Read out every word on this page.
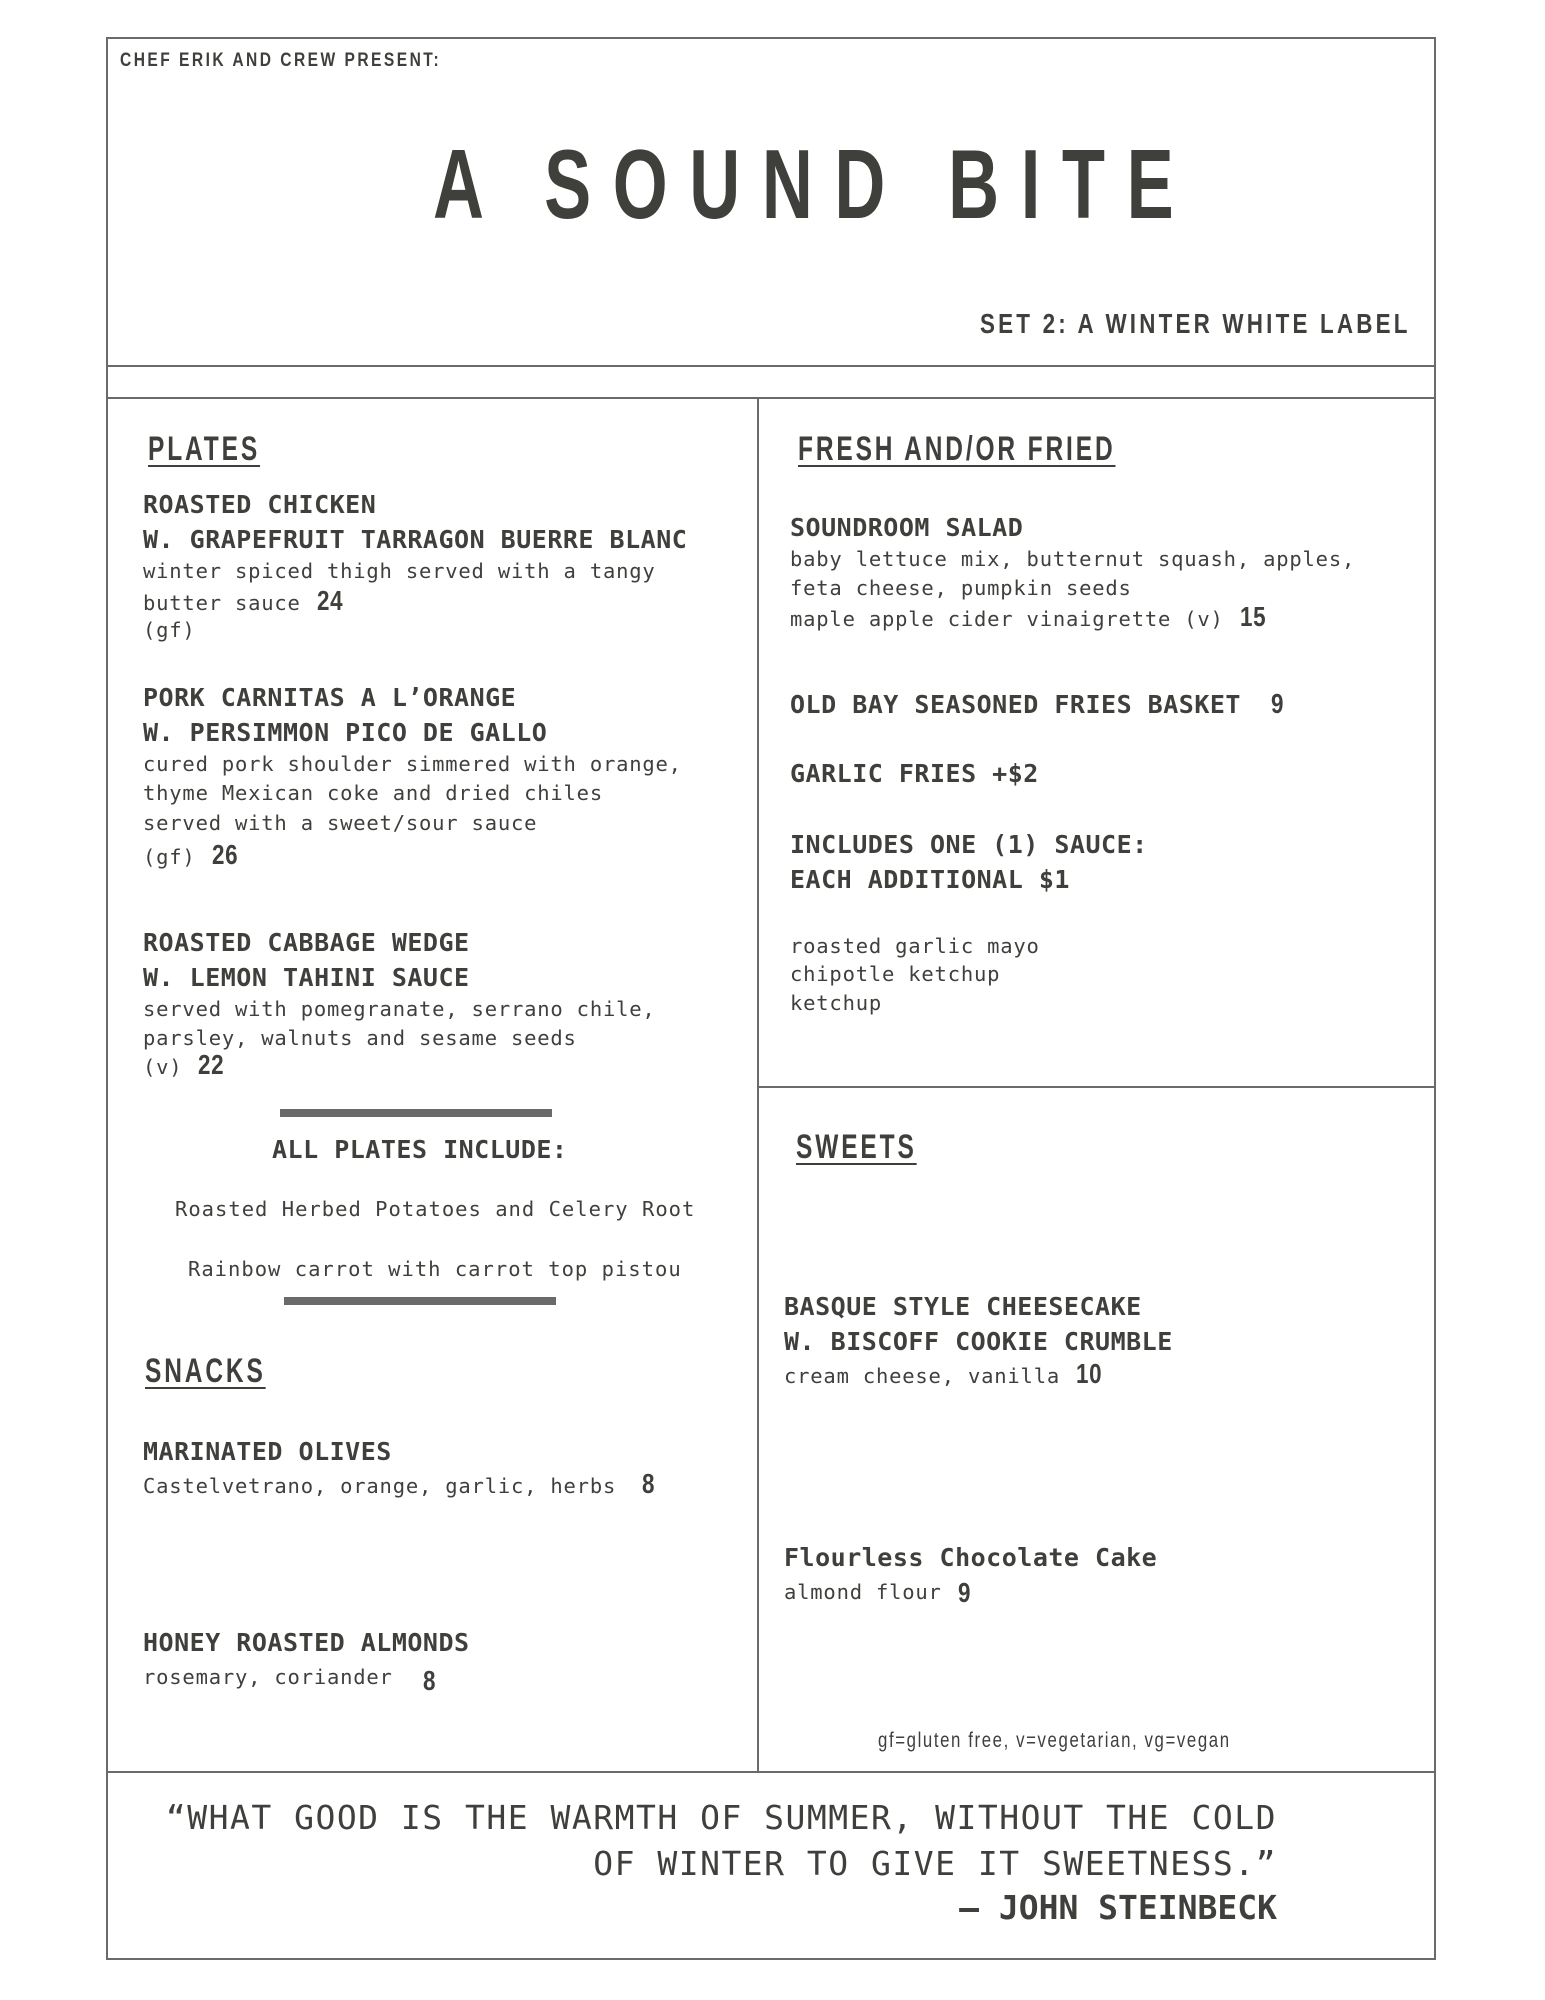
CHEF ERIK AND CREW PRESENT:
A SOUND BITE
SET 2: A WINTER WHITE LABEL
PLATES
ROASTED CHICKEN
W. GRAPEFRUIT TARRAGON BUERRE BLANC
winter spiced thigh served with a tangy
butter sauce 24
(gf)
PORK CARNITAS A L’ORANGE
W. PERSIMMON PICO DE GALLO
cured pork shoulder simmered with orange,
thyme Mexican coke and dried chiles
served with a sweet/sour sauce
(gf) 26
ROASTED CABBAGE WEDGE
W. LEMON TAHINI SAUCE
served with pomegranate, serrano chile,
parsley, walnuts and sesame seeds
(v) 22
ALL PLATES INCLUDE:
Roasted Herbed Potatoes and Celery Root
Rainbow carrot with carrot top pistou
SNACKS
MARINATED OLIVES
Castelvetrano, orange, garlic, herbs 8
HONEY ROASTED ALMONDS
rosemary, coriander 8
FRESH AND/OR FRIED
SOUNDROOM SALAD
baby lettuce mix, butternut squash, apples,
feta cheese, pumpkin seeds
maple apple cider vinaigrette (v) 15
OLD BAY SEASONED FRIES BASKET 9
GARLIC FRIES +$2
INCLUDES ONE (1) SAUCE:
EACH ADDITIONAL $1
roasted garlic mayo
chipotle ketchup
ketchup
SWEETS
BASQUE STYLE CHEESECAKE
W. BISCOFF COOKIE CRUMBLE
cream cheese, vanilla 10
Flourless Chocolate Cake
almond flour 9
gf=gluten free, v=vegetarian, vg=vegan
“WHAT GOOD IS THE WARMTH OF SUMMER, WITHOUT THE COLD
OF WINTER TO GIVE IT SWEETNESS.”
– JOHN STEINBECK
